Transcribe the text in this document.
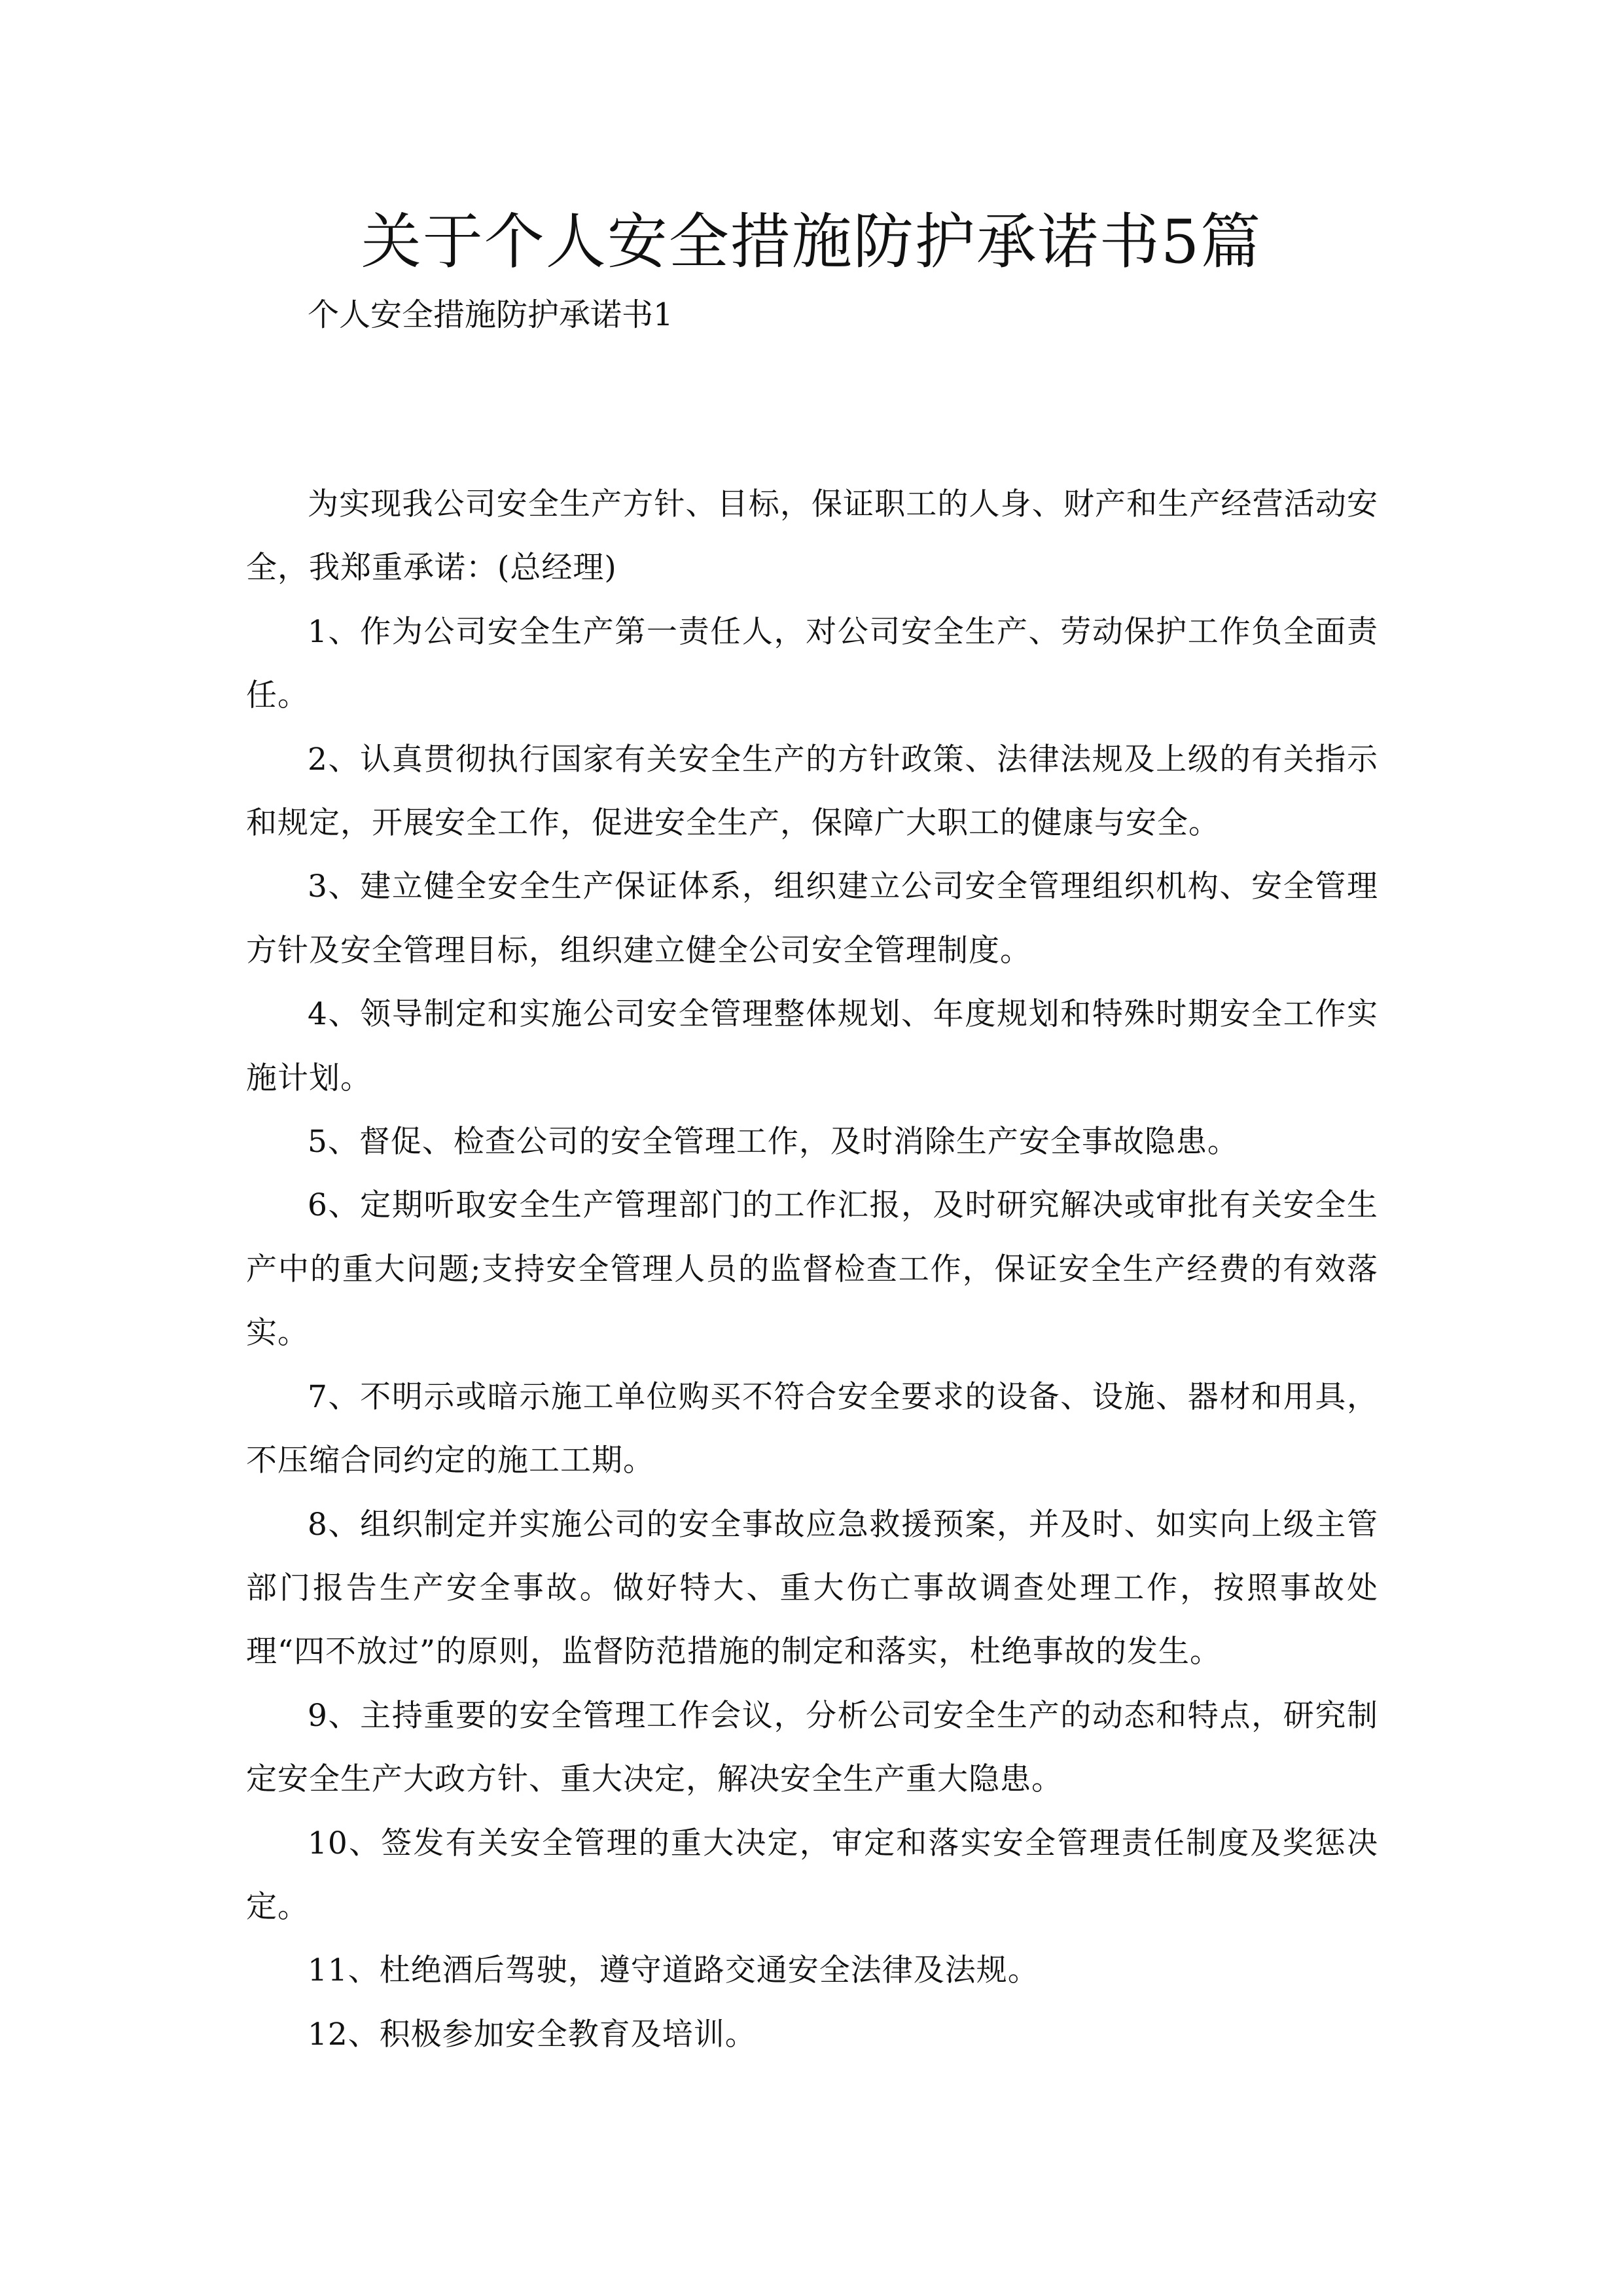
关于个人安全措施防护承诺书5篇
个人安全措施防护承诺书1

为实现我公司安全生产方针、目标，保证职工的人身、财产和生产经营活动安全，我郑重承诺：(总经理)

1、作为公司安全生产第一责任人，对公司安全生产、劳动保护工作负全面责任。

2、认真贯彻执行国家有关安全生产的方针政策、法律法规及上级的有关指示和规定，开展安全工作，促进安全生产，保障广大职工的健康与安全。

3、建立健全安全生产保证体系，组织建立公司安全管理组织机构、安全管理方针及安全管理目标，组织建立健全公司安全管理制度。

4、领导制定和实施公司安全管理整体规划、年度规划和特殊时期安全工作实施计划。

5、督促、检查公司的安全管理工作，及时消除生产安全事故隐患。

6、定期听取安全生产管理部门的工作汇报，及时研究解决或审批有关安全生产中的重大问题;支持安全管理人员的监督检查工作，保证安全生产经费的有效落实。

7、不明示或暗示施工单位购买不符合安全要求的设备、设施、器材和用具，不压缩合同约定的施工工期。

8、组织制定并实施公司的安全事故应急救援预案，并及时、如实向上级主管部门报告生产安全事故。做好特大、重大伤亡事故调查处理工作，按照事故处理“四不放过”的原则，监督防范措施的制定和落实，杜绝事故的发生。

9、主持重要的安全管理工作会议，分析公司安全生产的动态和特点，研究制定安全生产大政方针、重大决定，解决安全生产重大隐患。

10、签发有关安全管理的重大决定，审定和落实安全管理责任制度及奖惩决定。

11、杜绝酒后驾驶，遵守道路交通安全法律及法规。

12、积极参加安全教育及培训。
